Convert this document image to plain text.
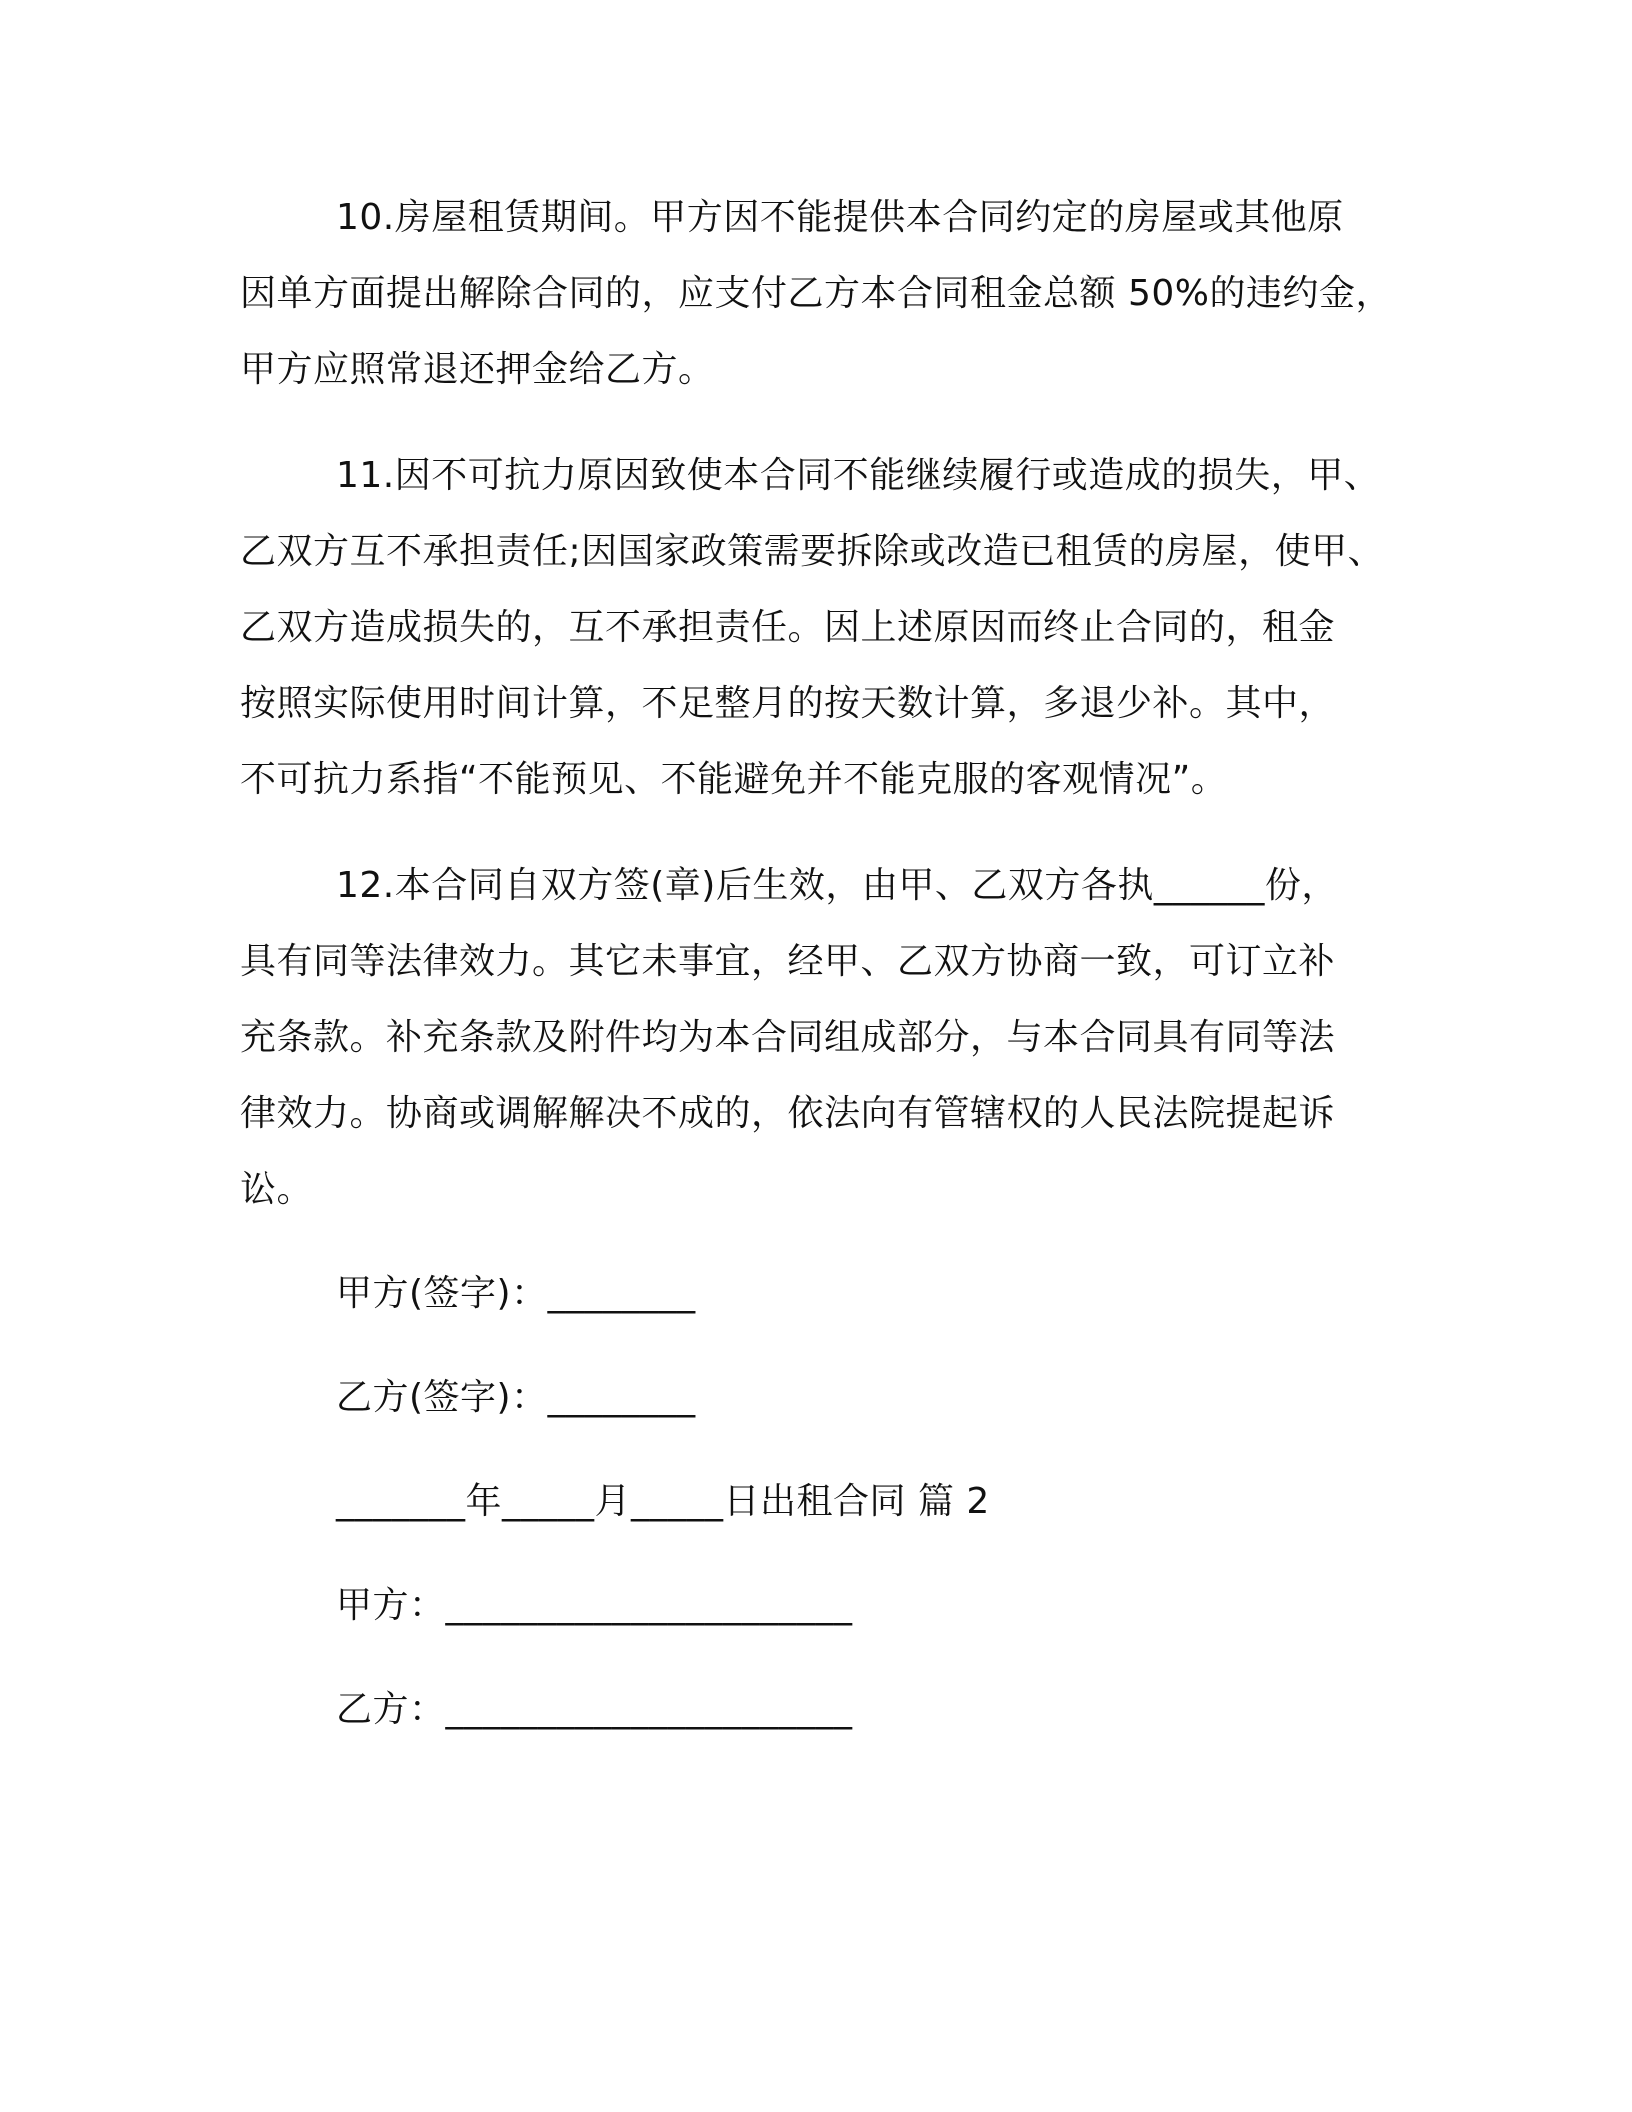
10.房屋租赁期间。甲方因不能提供本合同约定的房屋或其他原
因单方面提出解除合同的，应支付乙方本合同租金总额 50%的违约金，
甲方应照常退还押金给乙方。
11.因不可抗力原因致使本合同不能继续履行或造成的损失，甲、
乙双方互不承担责任;因国家政策需要拆除或改造已租赁的房屋，使甲、
乙双方造成损失的，互不承担责任。因上述原因而终止合同的，租金
按照实际使用时间计算，不足整月的按天数计算，多退少补。其中，
不可抗力系指“不能预见、不能避免并不能克服的客观情况”。
12.本合同自双方签(章)后生效，由甲、乙双方各执______份，
具有同等法律效力。其它未事宜，经甲、乙双方协商一致，可订立补
充条款。补充条款及附件均为本合同组成部分，与本合同具有同等法
律效力。协商或调解解决不成的，依法向有管辖权的人民法院提起诉
讼。
甲方(签字)：________
乙方(签字)：________
_______年_____月_____日出租合同 篇 2
甲方：______________________
乙方：______________________
